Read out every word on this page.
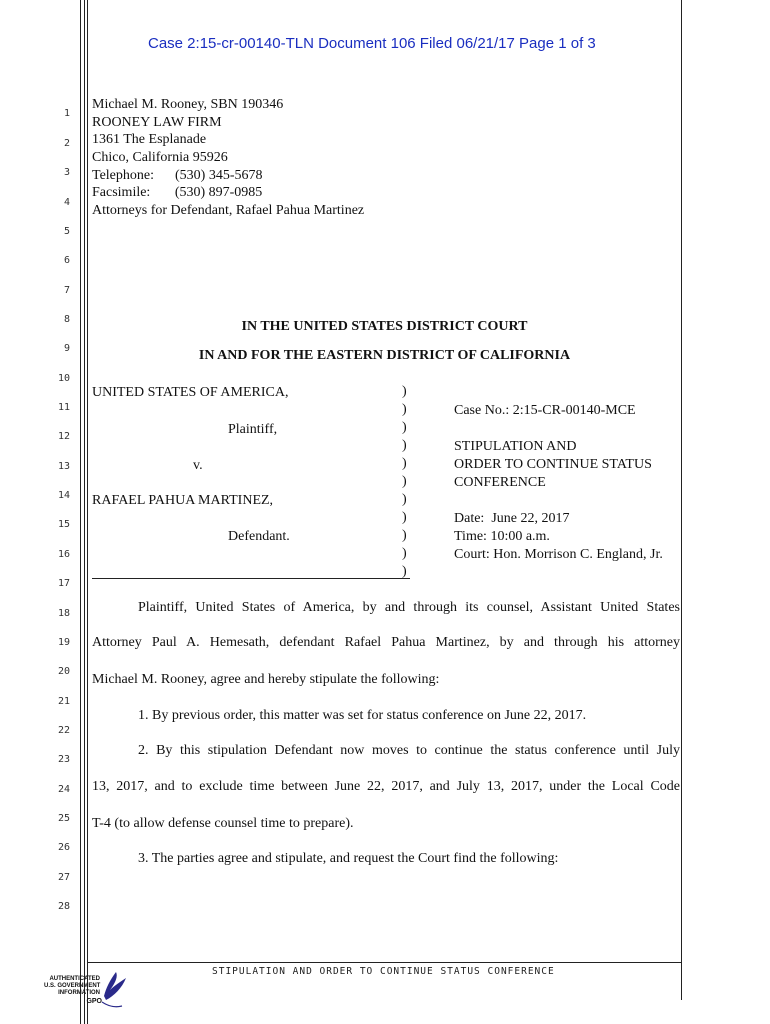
Case 2:15-cr-00140-TLN Document 106 Filed 06/21/17 Page 1 of 3
1
2
3
4
5
6
7
8
9
10
11
12
13
14
15
16
17
18
19
20
21
22
23
24
25
26
27
28
Michael M. Rooney, SBN 190346
ROONEY LAW FIRM
1361 The Esplanade
Chico, California 95926
Telephone:      (530) 345-5678
Facsimile:       (530) 897-0985
Attorneys for Defendant, Rafael Pahua Martinez
IN THE UNITED STATES DISTRICT COURT
IN AND FOR THE EASTERN DISTRICT OF CALIFORNIA
UNITED STATES OF AMERICA,
Plaintiff,
v.
RAFAEL PAHUA MARTINEZ,
Defendant.
)
)
)
)
)
)
)
)
)
)
)
Case No.: 2:15-CR-00140-MCE
STIPULATION AND
ORDER TO CONTINUE STATUS
CONFERENCE
Date:  June 22, 2017
Time: 10:00 a.m.
Court: Hon. Morrison C. England, Jr.
Plaintiff, United States of America, by and through its counsel, Assistant United States
Attorney Paul A. Hemesath, defendant Rafael Pahua Martinez, by and through his attorney
Michael M. Rooney, agree and hereby stipulate the following:
1. By previous order, this matter was set for status conference on June 22, 2017.
2. By this stipulation Defendant now moves to continue the status conference until July
13, 2017, and to exclude time between June 22, 2017, and July 13, 2017, under the Local Code
T-4 (to allow defense counsel time to prepare).
3. The parties agree and stipulate, and request the Court find the following:
STIPULATION AND ORDER TO CONTINUE STATUS CONFERENCE
AUTHENTICATED
U.S. GOVERNMENT
INFORMATION
GPO
